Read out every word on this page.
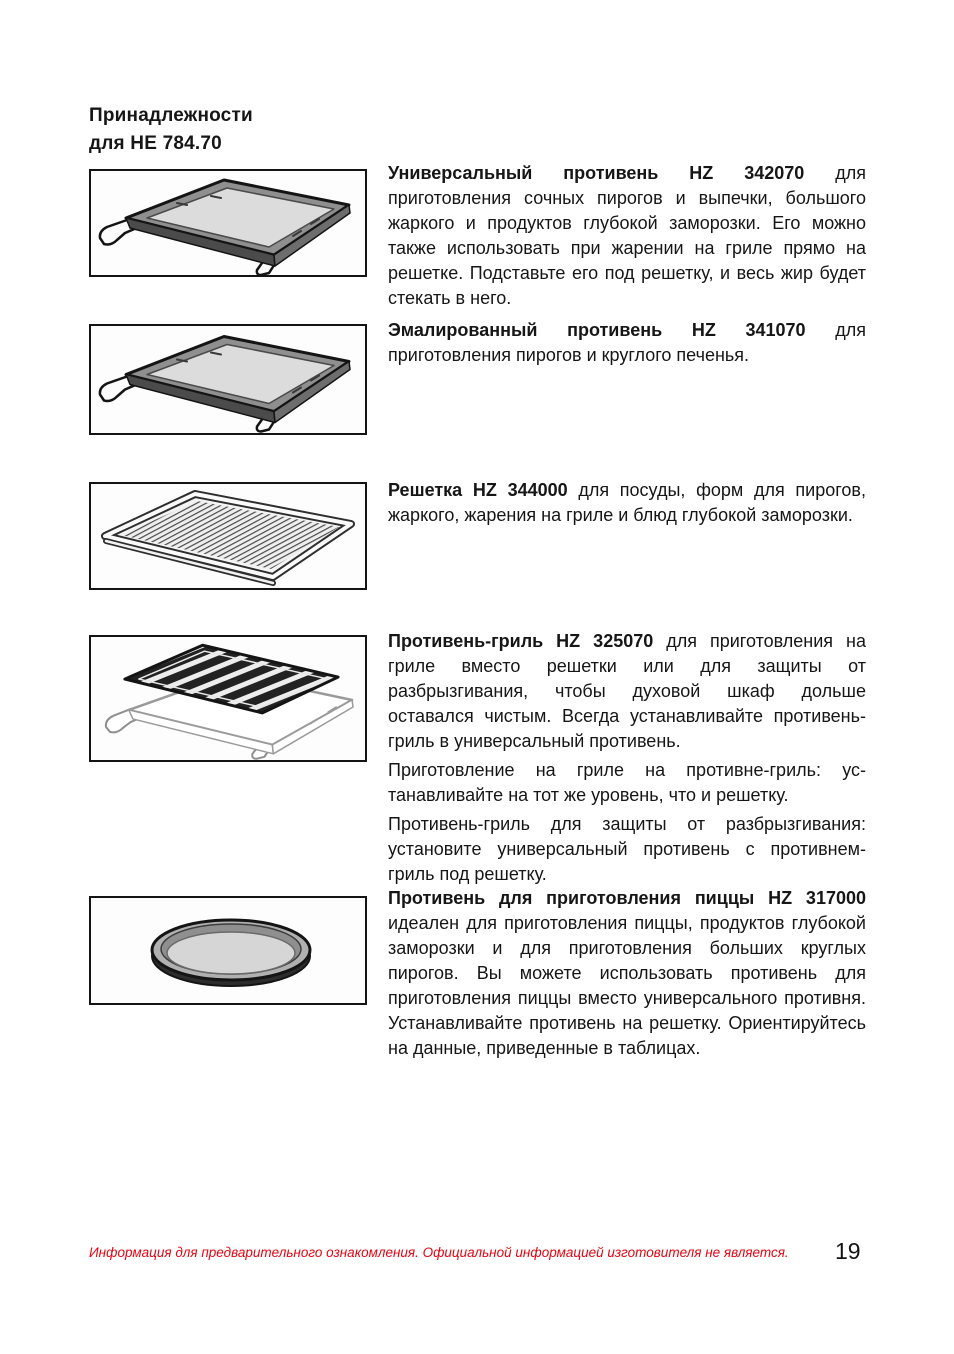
Принадлежности
для HE 784.70

Универсальный противень HZ 342070 для приготовления сочных пирогов и выпечки, большого жаркого и продуктов глубокой заморозки. Его можно также использовать при жарении на гриле прямо на решетке. Подставьте его под решетку, и весь жир будет стекать в него.

Эмалированный противень HZ 341070 для приготовления пирогов и круглого печенья.

Решетка HZ 344000 для посуды, форм для пирогов, жаркого, жарения на гриле и блюд глубокой заморозки.

Противень-гриль HZ 325070 для приготовления на гриле вместо решетки или для защиты от разбрызгивания, чтобы духовой шкаф дольше оставался чистым. Всегда устанавливайте противень-гриль в универсальный противень.

Приготовление на гриле на противне-гриль: устанавливайте на тот же уровень, что и решетку.

Противень-гриль для защиты от разбрызгивания: установите универсальный противень с противнем-гриль под решетку.

Противень для приготовления пиццы HZ 317000 идеален для приготовления пиццы, продуктов глубокой заморозки и для приготовления больших круглых пирогов. Вы можете использовать противень для приготовления пиццы вместо универсального противня. Устанавливайте противень на решетку. Ориентируйтесь на данные, приведенные в таблицах.

Информация для предварительного ознакомления. Официальной информацией изготовителя не является.	19
